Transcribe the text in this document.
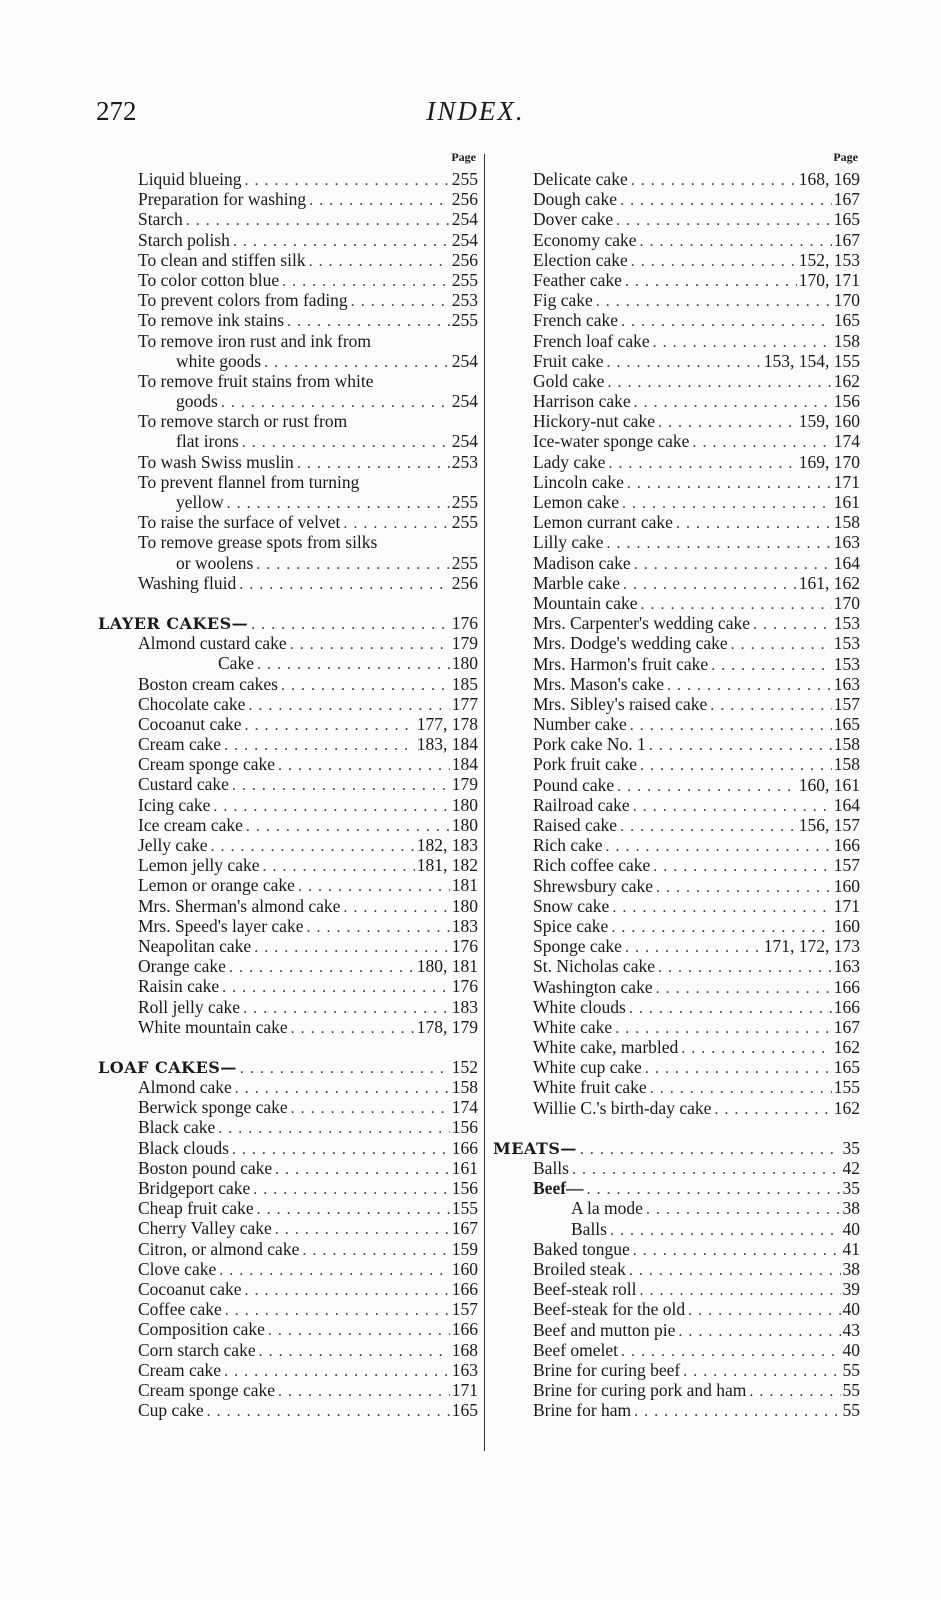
272	INDEX.
Page
Liquid blueing . . .	255
Preparation for washing . . .	256
Starch . . .	254
Starch polish . . .	254
To clean and stiffen silk . . .	256
To color cotton blue . . .	255
To prevent colors from fading . . .	253
To remove ink stains . . .	255
To remove iron rust and ink from
white goods . . .	254
To remove fruit stains from white
goods . . .	254
To remove starch or rust from
flat irons . . .	254
To wash Swiss muslin . . .	253
To prevent flannel from turning
yellow . . .	255
To raise the surface of velvet . . .	255
To remove grease spots from silks
or woolens . . .	255
Washing fluid . . .	256
LAYER CAKES— . . .	176
Almond custard cake . . .	179
Cake . . .	180
Boston cream cakes . . .	185
Chocolate cake . . .	177
Cocoanut cake . . .	177, 178
Cream cake . . .	183, 184
Cream sponge cake . . .	184
Custard cake . . .	179
Icing cake . . .	180
Ice cream cake . . .	180
Jelly cake . . .	182, 183
Lemon jelly cake . . .	181, 182
Lemon or orange cake . . .	181
Mrs. Sherman's almond cake . . .	180
Mrs. Speed's layer cake . . .	183
Neapolitan cake . . .	176
Orange cake . . .	180, 181
Raisin cake . . .	176
Roll jelly cake . . .	183
White mountain cake . . .	178, 179
LOAF CAKES— . . .	152
Almond cake . . .	158
Berwick sponge cake . . .	174
Black cake . . .	156
Black clouds . . .	166
Boston pound cake . . .	161
Bridgeport cake . . .	156
Cheap fruit cake . . .	155
Cherry Valley cake . . .	167
Citron, or almond cake . . .	159
Clove cake . . .	160
Cocoanut cake . . .	166
Coffee cake . . .	157
Composition cake . . .	166
Corn starch cake . . .	168
Cream cake . . .	163
Cream sponge cake . . .	171
Cup cake . . .	165
Page
Delicate cake . . .	168, 169
Dough cake . . .	167
Dover cake . . .	165
Economy cake . . .	167
Election cake . . .	152, 153
Feather cake . . .	170, 171
Fig cake . . .	170
French cake . . .	165
French loaf cake . . .	158
Fruit cake . . .	153, 154, 155
Gold cake . . .	162
Harrison cake . . .	156
Hickory-nut cake . . .	159, 160
Ice-water sponge cake . . .	174
Lady cake . . .	169, 170
Lincoln cake . . .	171
Lemon cake . . .	161
Lemon currant cake . . .	158
Lilly cake . . .	163
Madison cake . . .	164
Marble cake . . .	161, 162
Mountain cake . . .	170
Mrs. Carpenter's wedding cake . . .	153
Mrs. Dodge's wedding cake . . .	153
Mrs. Harmon's fruit cake . . .	153
Mrs. Mason's cake . . .	163
Mrs. Sibley's raised cake . . .	157
Number cake . . .	165
Pork cake No. 1 . . .	158
Pork fruit cake . . .	158
Pound cake . . .	160, 161
Railroad cake . . .	164
Raised cake . . .	156, 157
Rich cake . . .	166
Rich coffee cake . . .	157
Shrewsbury cake . . .	160
Snow cake . . .	171
Spice cake . . .	160
Sponge cake . . .	171, 172, 173
St. Nicholas cake . . .	163
Washington cake . . .	166
White clouds . . .	166
White cake . . .	167
White cake, marbled . . .	162
White cup cake . . .	165
White fruit cake . . .	155
Willie C.'s birth-day cake . . .	162
MEATS— . . .	35
Balls . . .	42
Beef— . . .	35
A la mode . . .	38
Balls . . .	40
Baked tongue . . .	41
Broiled steak . . .	38
Beef-steak roll . . .	39
Beef-steak for the old . . .	40
Beef and mutton pie . . .	43
Beef omelet . . .	40
Brine for curing beef . . .	55
Brine for curing pork and ham . . .	55
Brine for ham . . .	55
